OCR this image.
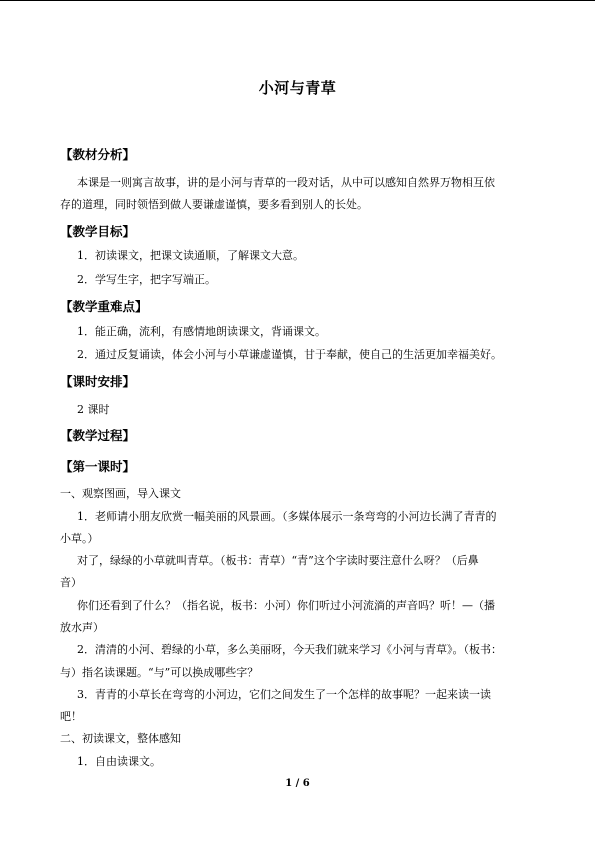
小河与青草
【教材分析】
本课是一则寓言故事，讲的是小河与青草的一段对话，从中可以感知自然界万物相互依
存的道理，同时领悟到做人要谦虚谨慎，要多看到别人的长处。
【教学目标】
1．初读课文，把课文读通顺，了解课文大意。
2．学写生字，把字写端正。
【教学重难点】
1．能正确，流利，有感情地朗读课文，背诵课文。
2．通过反复诵读，体会小河与小草谦虚谨慎，甘于奉献，使自己的生活更加幸福美好。
【课时安排】
2 课时
【教学过程】
【第一课时】
一、观察图画，导入课文
1．老师请小朋友欣赏一幅美丽的风景画。（多媒体展示一条弯弯的小河边长满了青青的
小草。）
对了，绿绿的小草就叫青草。（板书：青草）“青”这个字读时要注意什么呀？（后鼻
音）
你们还看到了什么？（指名说，板书：小河）你们听过小河流淌的声音吗？听！—（播
放水声）
2．清清的小河、碧绿的小草，多么美丽呀，今天我们就来学习《小河与青草》。（板书：
与）指名读课题。“与”可以换成哪些字？
3．青青的小草长在弯弯的小河边，它们之间发生了一个怎样的故事呢？一起来读一读
吧！
二、初读课文，整体感知
1．自由读课文。
1 / 6
